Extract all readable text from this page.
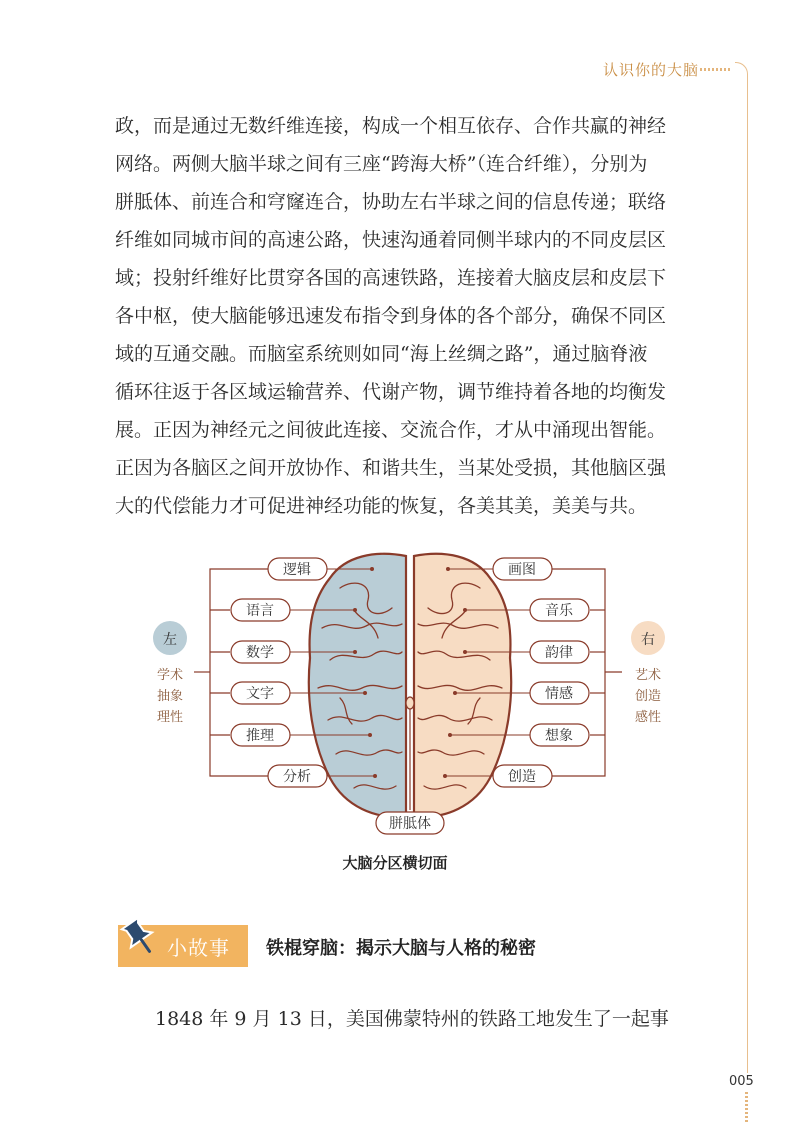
认识你的大脑
005
政，而是通过无数纤维连接，构成一个相互依存、合作共赢的神经
网络。两侧大脑半球之间有三座“跨海大桥”（连合纤维），分别为
胼胝体、前连合和穹窿连合，协助左右半球之间的信息传递；联络
纤维如同城市间的高速公路，快速沟通着同侧半球内的不同皮层区
域；投射纤维好比贯穿各国的高速铁路，连接着大脑皮层和皮层下
各中枢，使大脑能够迅速发布指令到身体的各个部分，确保不同区
域的互通交融。而脑室系统则如同“海上丝绸之路”，通过脑脊液
循环往返于各区域运输营养、代谢产物，调节维持着各地的均衡发
展。正因为神经元之间彼此连接、交流合作，才从中涌现出智能。
正因为各脑区之间开放协作、和谐共生，当某处受损，其他脑区强
大的代偿能力才可促进神经功能的恢复，各美其美，美美与共。
左	右
学术
抽象
理性
艺术
创造
感性
逻辑
语言
数学
文字
推理
分析
画图
音乐
韵律
情感
想象
创造
胼胝体
大脑分区横切面
小故事 铁棍穿脑：揭示大脑与人格的秘密
1848 年 9 月 13 日，美国佛蒙特州的铁路工地发生了一起事
